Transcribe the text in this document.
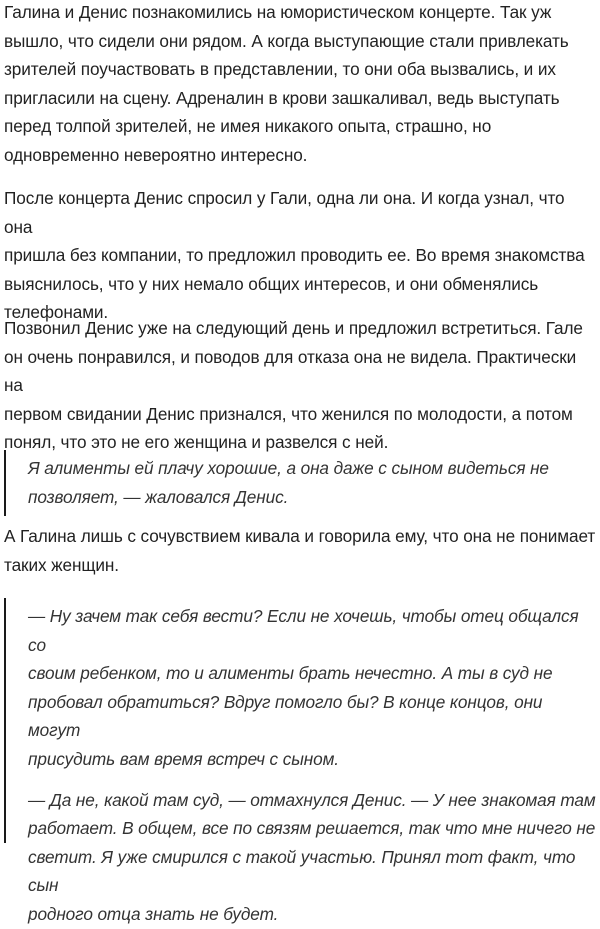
Галина и Денис познакомились на юмористическом концерте. Так уж
вышло, что сидели они рядом. А когда выступающие стали привлекать
зрителей поучаствовать в представлении, то они оба вызвались, и их
пригласили на сцену. Адреналин в крови зашкаливал, ведь выступать
перед толпой зрителей, не имея никакого опыта, страшно, но
одновременно невероятно интересно.

После концерта Денис спросил у Гали, одна ли она. И когда узнал, что она
пришла без компании, то предложил проводить ее. Во время знакомства
выяснилось, что у них немало общих интересов, и они обменялись
телефонами.

Позвонил Денис уже на следующий день и предложил встретиться. Гале
он очень понравился, и поводов для отказа она не видела. Практически на
первом свидании Денис признался, что женился по молодости, а потом
понял, что это не его женщина и развелся с ней.

Я алименты ей плачу хорошие, а она даже с сыном видеться не
позволяет, — жаловался Денис.

А Галина лишь с сочувствием кивала и говорила ему, что она не понимает
таких женщин.

— Ну зачем так себя вести? Если не хочешь, чтобы отец общался со
своим ребенком, то и алименты брать нечестно. А ты в суд не
пробовал обратиться? Вдруг помогло бы? В конце концов, они могут
присудить вам время встреч с сыном.

— Да не, какой там суд, — отмахнулся Денис. — У нее знакомая там
работает. В общем, все по связям решается, так что мне ничего не
светит. Я уже смирился с такой участью. Принял тот факт, что сын
родного отца знать не будет.
